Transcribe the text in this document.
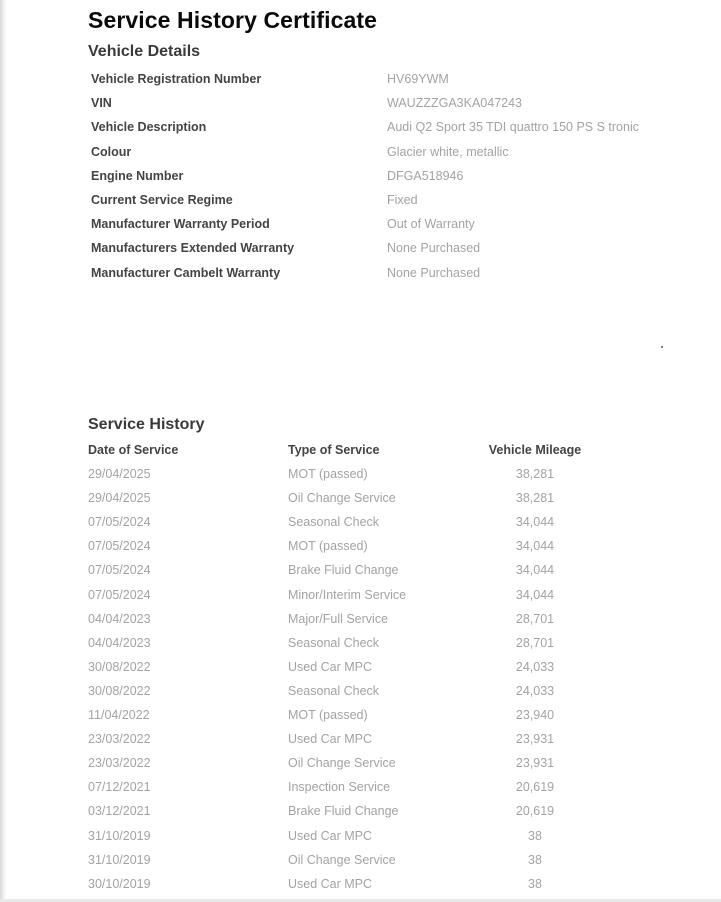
Service History Certificate
Vehicle Details
Vehicle Registration Number	HV69YWM
VIN	WAUZZZGA3KA047243
Vehicle Description	Audi Q2 Sport 35 TDI quattro 150 PS S tronic
Colour	Glacier white, metallic
Engine Number	DFGA518946
Current Service Regime	Fixed
Manufacturer Warranty Period	Out of Warranty
Manufacturers Extended Warranty	None Purchased
Manufacturer Cambelt Warranty	None Purchased
Service History
Date of Service	Type of Service	Vehicle Mileage
29/04/2025	MOT (passed)	38,281
29/04/2025	Oil Change Service	38,281
07/05/2024	Seasonal Check	34,044
07/05/2024	MOT (passed)	34,044
07/05/2024	Brake Fluid Change	34,044
07/05/2024	Minor/Interim Service	34,044
04/04/2023	Major/Full Service	28,701
04/04/2023	Seasonal Check	28,701
30/08/2022	Used Car MPC	24,033
30/08/2022	Seasonal Check	24,033
11/04/2022	MOT (passed)	23,940
23/03/2022	Used Car MPC	23,931
23/03/2022	Oil Change Service	23,931
07/12/2021	Inspection Service	20,619
03/12/2021	Brake Fluid Change	20,619
31/10/2019	Used Car MPC	38
31/10/2019	Oil Change Service	38
30/10/2019	Used Car MPC	38
